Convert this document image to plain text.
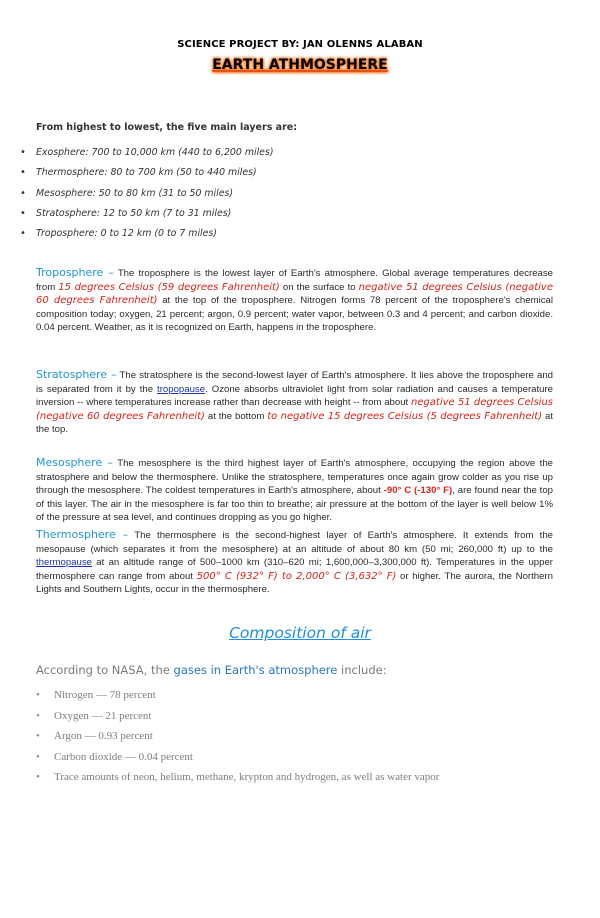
SCIENCE PROJECT BY: JAN OLENNS ALABAN
EARTH ATHMOSPHERE
From highest to lowest, the five main layers are:
• Exosphere: 700 to 10,000 km (440 to 6,200 miles)
• Thermosphere: 80 to 700 km (50 to 440 miles)
• Mesosphere: 50 to 80 km (31 to 50 miles)
• Stratosphere: 12 to 50 km (7 to 31 miles)
• Troposphere: 0 to 12 km (0 to 7 miles)
Troposphere – The troposphere is the lowest layer of Earth's atmosphere. Global average temperatures decrease from 15 degrees Celsius (59 degrees Fahrenheit) on the surface to negative 51 degrees Celsius (negative 60 degrees Fahrenheit) at the top of the troposphere. Nitrogen forms 78 percent of the troposphere's chemical composition today; oxygen, 21 percent; argon, 0.9 percent; water vapor, between 0.3 and 4 percent; and carbon dioxide. 0.04 percent. Weather, as it is recognized on Earth, happens in the troposphere.
Stratosphere – The stratosphere is the second-lowest layer of Earth's atmosphere. It lies above the troposphere and is separated from it by the tropopause. Ozone absorbs ultraviolet light from solar radiation and causes a temperature inversion -- where temperatures increase rather than decrease with height -- from about negative 51 degrees Celsius (negative 60 degrees Fahrenheit) at the bottom to negative 15 degrees Celsius (5 degrees Fahrenheit) at the top.
Mesosphere – The mesosphere is the third highest layer of Earth's atmosphere, occupying the region above the stratosphere and below the thermosphere. Unlike the stratosphere, temperatures once again grow colder as you rise up through the mesosphere. The coldest temperatures in Earth's atmosphere, about -90° C (-130° F), are found near the top of this layer. The air in the mesosphere is far too thin to breathe; air pressure at the bottom of the layer is well below 1% of the pressure at sea level, and continues dropping as you go higher.
Thermosphere – The thermosphere is the second-highest layer of Earth's atmosphere. It extends from the mesopause (which separates it from the mesosphere) at an altitude of about 80 km (50 mi; 260,000 ft) up to the thermopause at an altitude range of 500–1000 km (310–620 mi; 1,600,000–3,300,000 ft). Temperatures in the upper thermosphere can range from about 500° C (932° F) to 2,000° C (3,632° F) or higher. The aurora, the Northern Lights and Southern Lights, occur in the thermosphere.
Composition of air
According to NASA, the gases in Earth's atmosphere include:
• Nitrogen — 78 percent
• Oxygen — 21 percent
• Argon — 0.93 percent
• Carbon dioxide — 0.04 percent
• Trace amounts of neon, helium, methane, krypton and hydrogen, as well as water vapor
